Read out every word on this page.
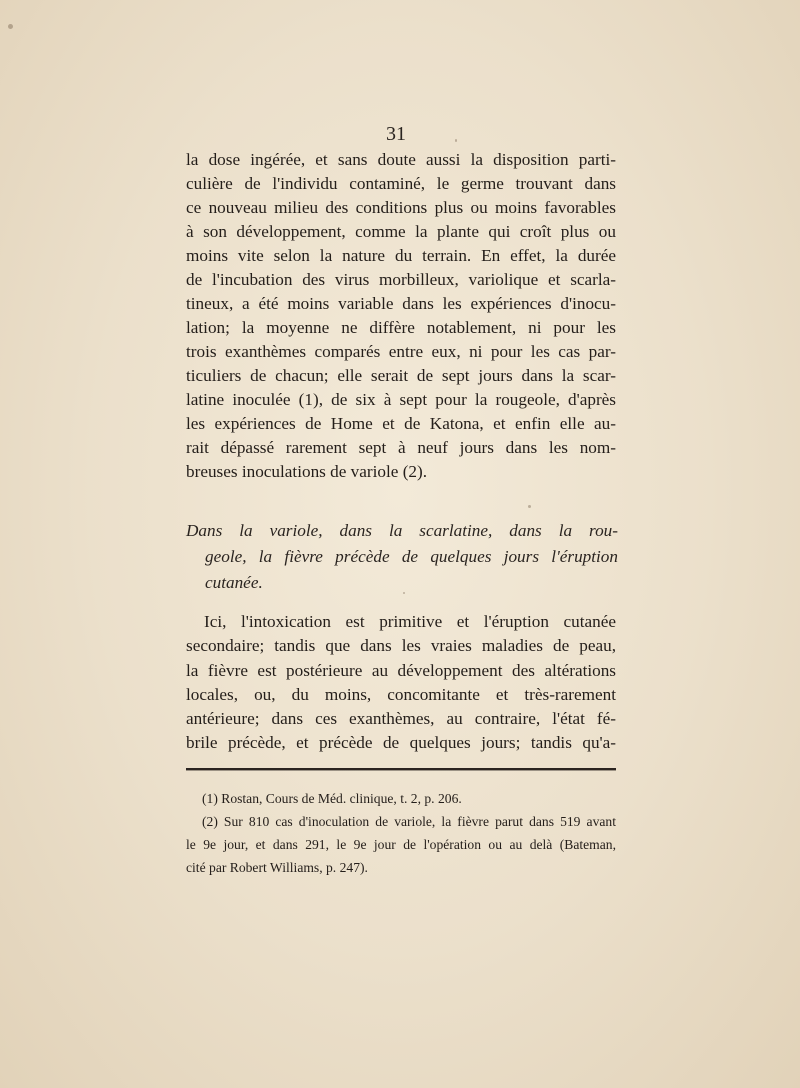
31
la dose ingérée, et sans doute aussi la disposition parti-
culière de l'individu contaminé, le germe trouvant dans
ce nouveau milieu des conditions plus ou moins favorables
à son développement, comme la plante qui croît plus ou
moins vite selon la nature du terrain. En effet, la durée
de l'incubation des virus morbilleux, variolique et scarla-
tineux, a été moins variable dans les expériences d'inocu-
lation; la moyenne ne diffère notablement, ni pour les
trois exanthèmes comparés entre eux, ni pour les cas par-
ticuliers de chacun; elle serait de sept jours dans la scar-
latine inoculée (1), de six à sept pour la rougeole, d'après
les expériences de Home et de Katona, et enfin elle au-
rait dépassé rarement sept à neuf jours dans les nom-
breuses inoculations de variole (2).
Dans la variole, dans la scarlatine, dans la rou-
geole, la fièvre précède de quelques jours l'éruption
cutanée.
Ici, l'intoxication est primitive et l'éruption cutanée
secondaire; tandis que dans les vraies maladies de peau,
la fièvre est postérieure au développement des altérations
locales, ou, du moins, concomitante et très-rarement
antérieure; dans ces exanthèmes, au contraire, l'état fé-
brile précède, et précède de quelques jours; tandis qu'a-
(1) Rostan, Cours de Méd. clinique, t. 2, p. 206.
(2) Sur 810 cas d'inoculation de variole, la fièvre parut dans 519 avant
le 9e jour, et dans 291, le 9e jour de l'opération ou au delà (Bateman,
cité par Robert Williams, p. 247).
